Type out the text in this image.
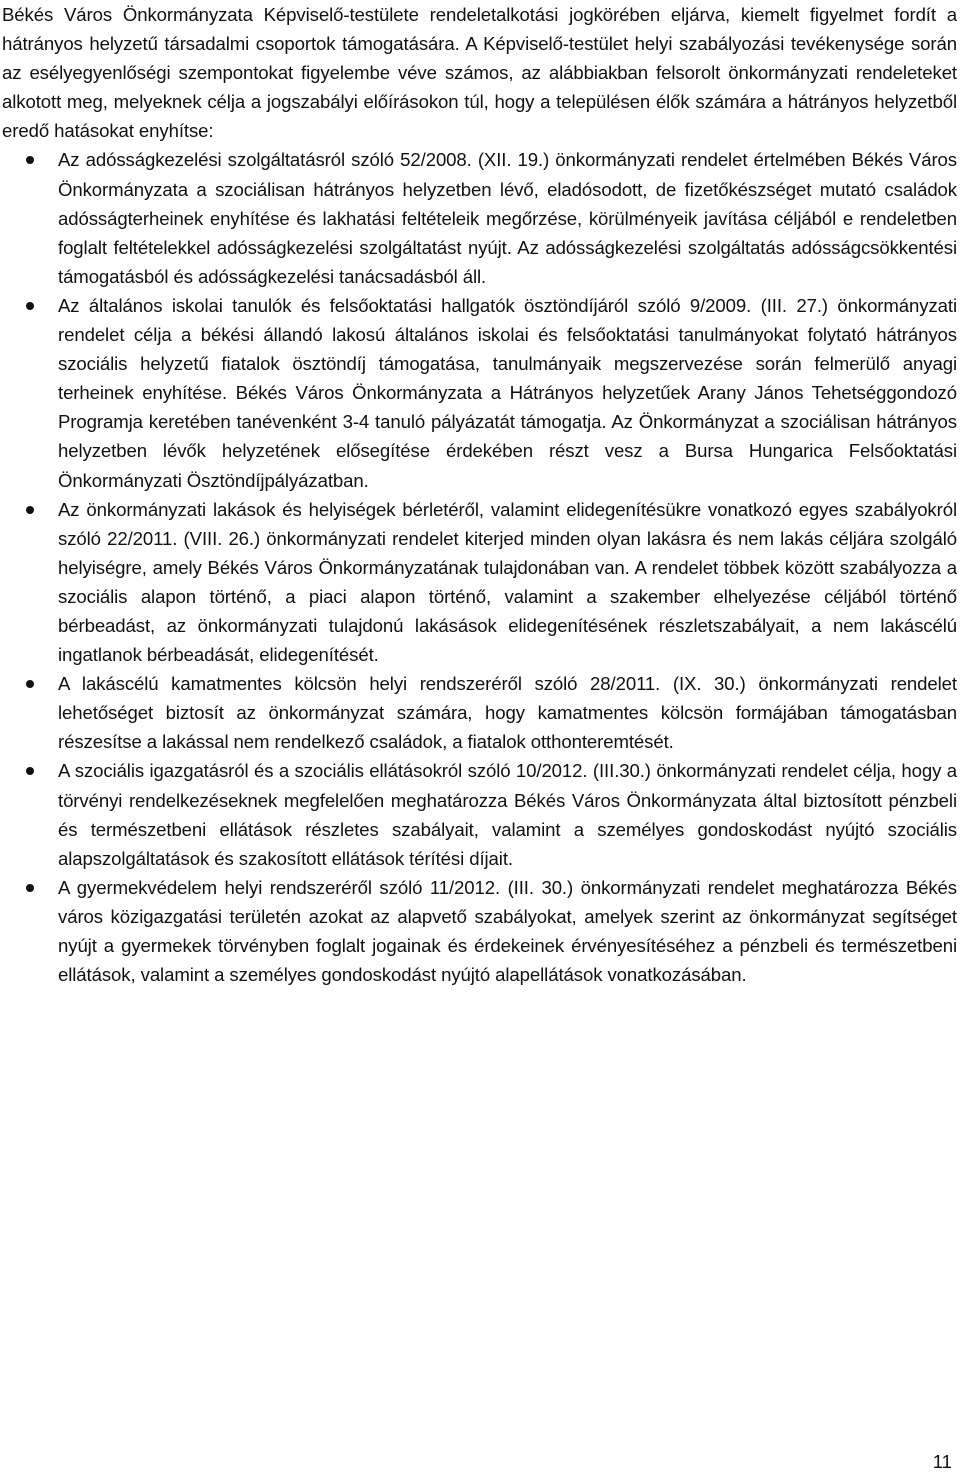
Békés Város Önkormányzata Képviselő-testülete rendeletalkotási jogkörében eljárva, kiemelt figyelmet fordít a hátrányos helyzetű társadalmi csoportok támogatására. A Képviselő-testület helyi szabályozási tevékenysége során az esélyegyenlőségi szempontokat figyelembe véve számos, az alábbiakban felsorolt önkormányzati rendeleteket alkotott meg, melyeknek célja a jogszabályi előírásokon túl, hogy a településen élők számára a hátrányos helyzetből eredő hatásokat enyhítse:

Az adósságkezelési szolgáltatásról szóló 52/2008. (XII. 19.) önkormányzati rendelet értelmében Békés Város Önkormányzata a szociálisan hátrányos helyzetben lévő, eladósodott, de fizetőkészséget mutató családok adósságterheinek enyhítése és lakhatási feltételeik megőrzése, körülményeik javítása céljából e rendeletben foglalt feltételekkel adósságkezelési szolgáltatást nyújt. Az adósságkezelési szolgáltatás adósságcsökkentési támogatásból és adósságkezelési tanácsadásból áll.
Az általános iskolai tanulók és felsőoktatási hallgatók ösztöndíjáról szóló 9/2009. (III. 27.) önkormányzati rendelet célja a békési állandó lakosú általános iskolai és felsőoktatási tanulmányokat folytató hátrányos szociális helyzetű fiatalok ösztöndíj támogatása, tanulmányaik megszervezése során felmerülő anyagi terheinek enyhítése. Békés Város Önkormányzata a Hátrányos helyzetűek Arany János Tehetséggondozó Programja keretében tanévenként 3-4 tanuló pályázatát támogatja. Az Önkormányzat a szociálisan hátrányos helyzetben lévők helyzetének elősegítése érdekében részt vesz a Bursa Hungarica Felsőoktatási Önkormányzati Ösztöndíjpályázatban.
Az önkormányzati lakások és helyiségek bérletéről, valamint elidegenítésükre vonatkozó egyes szabályokról szóló 22/2011. (VIII. 26.) önkormányzati rendelet kiterjed minden olyan lakásra és nem lakás céljára szolgáló helyiségre, amely Békés Város Önkormányzatának tulajdonában van. A rendelet többek között szabályozza a szociális alapon történő, a piaci alapon történő, valamint a szakember elhelyezése céljából történő bérbeadást, az önkormányzati tulajdonú lakásások elidegenítésének részletszabályait, a nem lakáscélú ingatlanok bérbeadását, elidegenítését.
A lakáscélú kamatmentes kölcsön helyi rendszeréről szóló 28/2011. (IX. 30.) önkormányzati rendelet lehetőséget biztosít az önkormányzat számára, hogy kamatmentes kölcsön formájában támogatásban részesítse a lakással nem rendelkező családok, a fiatalok otthonteremtését.
A szociális igazgatásról és a szociális ellátásokról szóló 10/2012. (III.30.) önkormányzati rendelet célja, hogy a törvényi rendelkezéseknek megfelelően meghatározza Békés Város Önkormányzata által biztosított pénzbeli és természetbeni ellátások részletes szabályait, valamint a személyes gondoskodást nyújtó szociális alapszolgáltatások és szakosított ellátások térítési díjait.
A gyermekvédelem helyi rendszeréről szóló 11/2012. (III. 30.) önkormányzati rendelet meghatározza Békés város közigazgatási területén azokat az alapvető szabályokat, amelyek szerint az önkormányzat segítséget nyújt a gyermekek törvényben foglalt jogainak és érdekeinek érvényesítéséhez a pénzbeli és természetbeni ellátások, valamint a személyes gondoskodást nyújtó alapellátások vonatkozásában.
11
